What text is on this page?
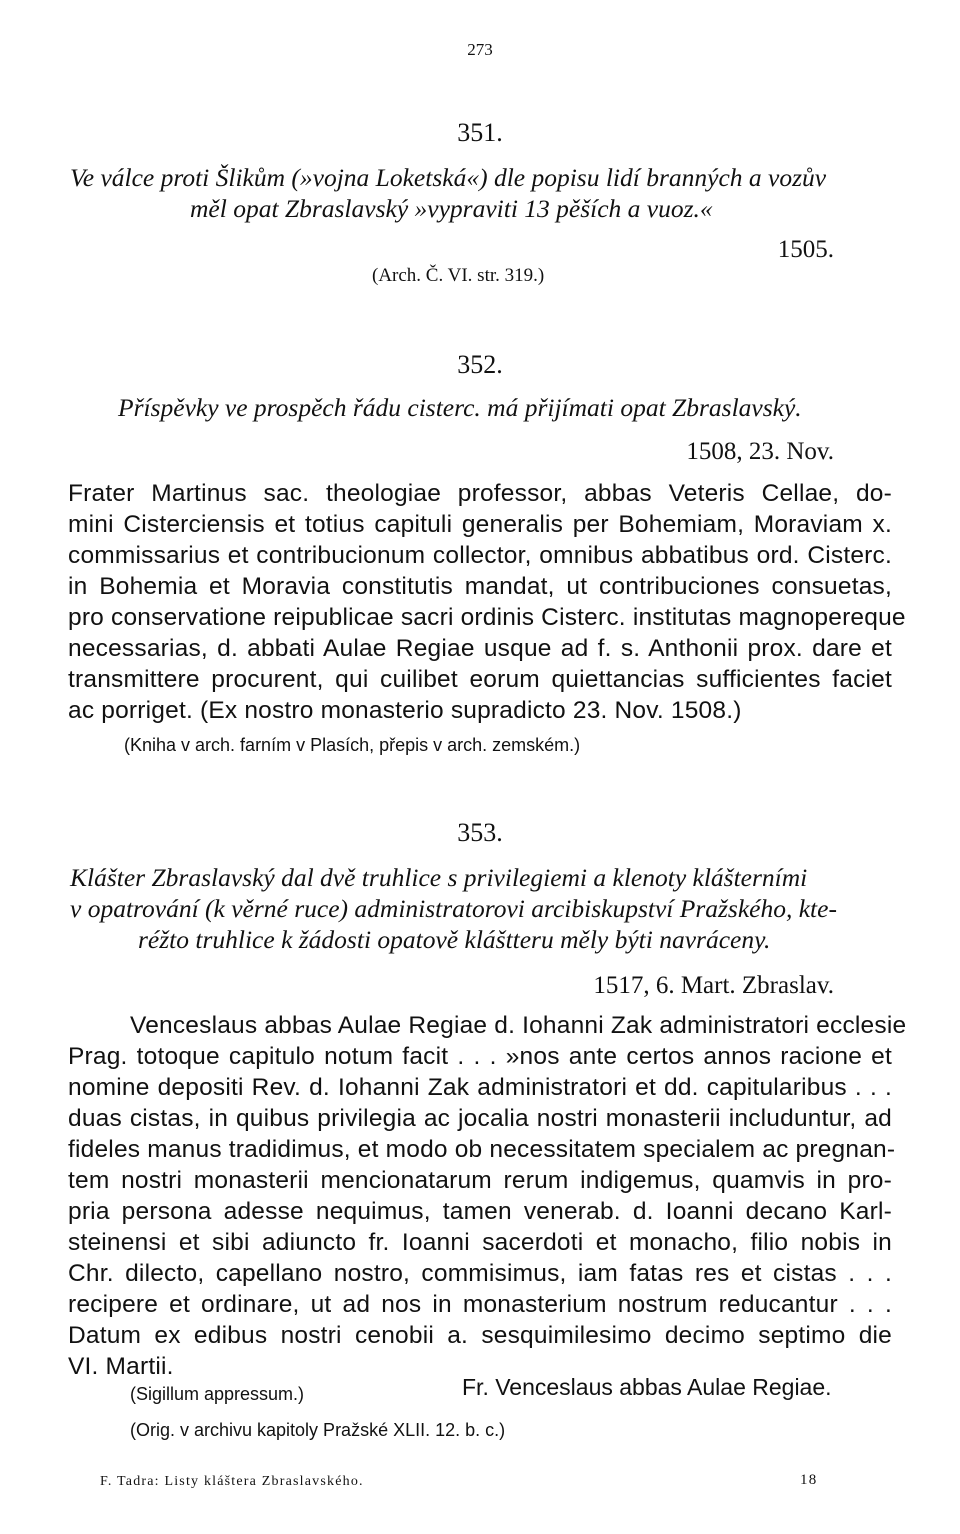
273
351.
Ve válce proti Šlikům (»vojna Loketská«) dle popisu lidí branných a vozův
měl opat Zbraslavský »vypraviti 13 pěších a vuoz.«
1505.
(Arch. Č. VI. str. 319.)
352.
Příspěvky ve prospěch řádu cisterc. má přijímati opat Zbraslavský.
1508, 23. Nov.
Frater Martinus sac. theologiae professor, abbas Veteris Cellae, do-
mini Cisterciensis et totius capituli generalis per Bohemiam, Moraviam x.
commissarius et contribucionum collector, omnibus abbatibus ord. Cisterc.
in Bohemia et Moravia constitutis mandat, ut contribuciones consuetas,
pro conservatione reipublicae sacri ordinis Cisterc. institutas magnopereque
necessarias, d. abbati Aulae Regiae usque ad f. s. Anthonii prox. dare et
transmittere procurent, qui cuilibet eorum quiettancias sufficientes faciet
ac porriget. (Ex nostro monasterio supradicto 23. Nov. 1508.)
(Kniha v arch. farním v Plasích, přepis v arch. zemském.)
353.
Klášter Zbraslavský dal dvě truhlice s privilegiemi a klenoty klášterními
v opatrování (k věrné ruce) administratorovi arcibiskupství Pražského, kte-
réžto truhlice k žádosti opatově kláštteru měly býti navráceny.
1517, 6. Mart. Zbraslav.
Venceslaus abbas Aulae Regiae d. Iohanni Zak administratori ecclesie
Prag. totoque capitulo notum facit . . . »nos ante certos annos racione et
nomine depositi Rev. d. Iohanni Zak administratori et dd. capitularibus . . .
duas cistas, in quibus privilegia ac jocalia nostri monasterii includuntur, ad
fideles manus tradidimus, et modo ob necessitatem specialem ac pregnan-
tem nostri monasterii mencionatarum rerum indigemus, quamvis in pro-
pria persona adesse nequimus, tamen venerab. d. Ioanni decano Karl-
steinensi et sibi adiuncto fr. Ioanni sacerdoti et monacho, filio nobis in
Chr. dilecto, capellano nostro, commisimus, iam fatas res et cistas . . .
recipere et ordinare, ut ad nos in monasterium nostrum reducantur . . .
Datum ex edibus nostri cenobii a. sesquimilesimo decimo septimo die
VI. Martii.
(Sigillum appressum.)	Fr. Venceslaus abbas Aulae Regiae.
(Orig. v archivu kapitoly Pražské XLII. 12. b. c.)
F. Tadra: Listy kláštera Zbraslavského.	18
